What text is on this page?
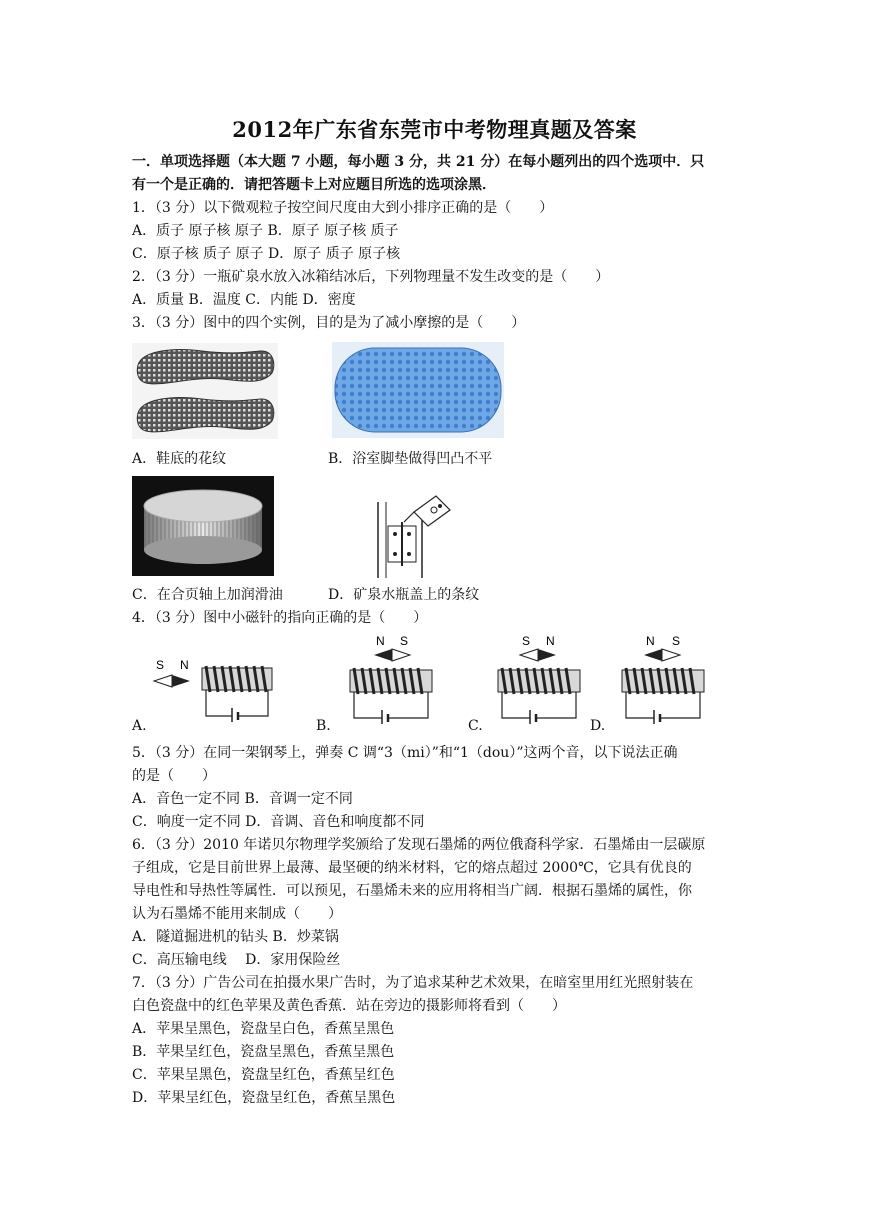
2012年广东省东莞市中考物理真题及答案
一．单项选择题（本大题 7 小题，每小题 3 分，共 21 分）在每小题列出的四个选项中．只
有一个是正确的．请把答题卡上对应题目所选的选项涂黑．
1．（3 分）以下微观粒子按空间尺度由大到小排序正确的是（　　）
A．质子 原子核 原子 B．原子 原子核 质子
C．原子核 质子 原子 D．原子 质子 原子核
2．（3 分）一瓶矿泉水放入冰箱结冰后，下列物理量不发生改变的是（　　）
A．质量 B．温度 C．内能 D．密度
3．（3 分）图中的四个实例，目的是为了减小摩擦的是（　　）
A．鞋底的花纹	B．浴室脚垫做得凹凸不平
C．在合页轴上加润滑油	D．矿泉水瓶盖上的条纹
4．（3 分）图中小磁针的指向正确的是（　　）
A.
S N
B.
N S
C.
S N
D.
N S
5．（3 分）在同一架钢琴上，弹奏 C 调“3（mi）”和“1（dou）”这两个音，以下说法正确
的是（　　）
A．音色一定不同 B．音调一定不同
C．响度一定不同 D．音调、音色和响度都不同
6．（3 分）2010 年诺贝尔物理学奖颁给了发现石墨烯的两位俄裔科学家．石墨烯由一层碳原
子组成，它是目前世界上最薄、最坚硬的纳米材料，它的熔点超过 2000℃，它具有优良的
导电性和导热性等属性．可以预见，石墨烯未来的应用将相当广阔．根据石墨烯的属性，你
认为石墨烯不能用来制成（　　）
A．隧道掘进机的钻头 B．炒菜锅
C．高压输电线　 D．家用保险丝
7．（3 分）广告公司在拍摄水果广告时，为了追求某种艺术效果，在暗室里用红光照射装在
白色瓷盘中的红色苹果及黄色香蕉．站在旁边的摄影师将看到（　　）
A．苹果呈黑色，瓷盘呈白色，香蕉呈黑色
B．苹果呈红色，瓷盘呈黑色，香蕉呈黑色
C．苹果呈黑色，瓷盘呈红色，香蕉呈红色
D．苹果呈红色，瓷盘呈红色，香蕉呈黑色
